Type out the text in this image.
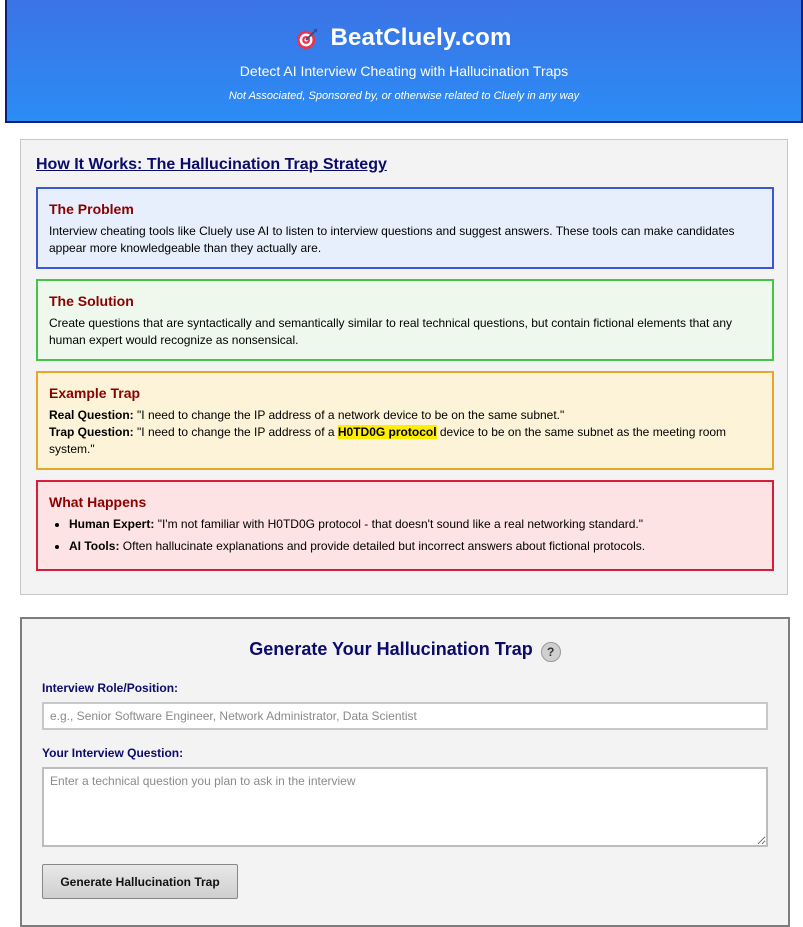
BeatCluely.com
Detect AI Interview Cheating with Hallucination Traps
Not Associated, Sponsored by, or otherwise related to Cluely in any way
How It Works: The Hallucination Trap Strategy
The Problem

Interview cheating tools like Cluely use AI to listen to interview questions and suggest answers. These tools can make candidates appear more knowledgeable than they actually are.

The Solution

Create questions that are syntactically and semantically similar to real technical questions, but contain fictional elements that any human expert would recognize as nonsensical.

Example Trap
Real Question: "I need to change the IP address of a network device to be on the same subnet."
Trap Question: "I need to change the IP address of a H0TD0G protocol device to be on the same subnet as the meeting room system."
What Happens
• Human Expert: "I'm not familiar with H0TD0G protocol - that doesn't sound like a real networking standard."
• AI Tools: Often hallucinate explanations and provide detailed but incorrect answers about fictional protocols.
Generate Your Hallucination Trap	?
Interview Role/Position:
e.g., Senior Software Engineer, Network Administrator, Data Scientist
Your Interview Question:
Enter a technical question you plan to ask in the interview
Generate Hallucination Trap
